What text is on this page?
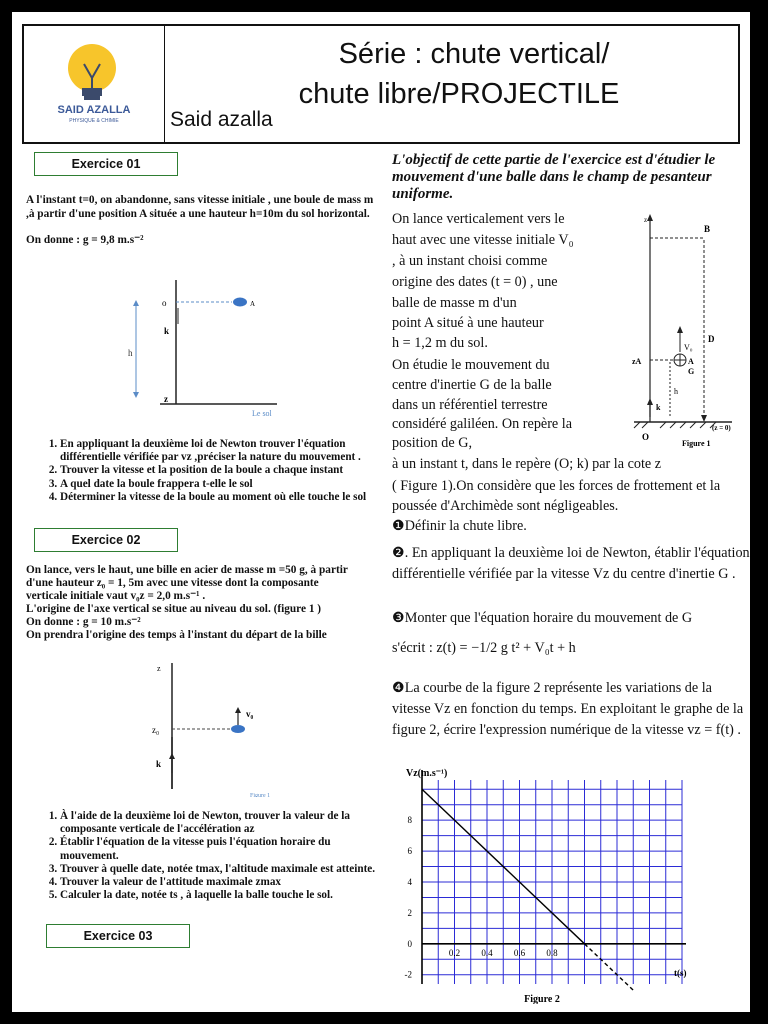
SAID AZALLA
PHYSIQUE & CHIMIE
Série : chute vertical/
chute libre/PROJECTILE
Said azalla
Exercice 01
A l'instant t=0, on abandonne, sans vitesse initiale , une boule de mass m ,à partir d'une position A située a une hauteur h=10m du sol horizontal.
On donne : g = 9,8 m.s⁻²
o
k
h
z
A
Le sol
1. En appliquant la deuxième loi de Newton trouver l'équation différentielle vérifiée par vz ,préciser la nature du mouvement .
2. Trouver la vitesse et la position de la boule a chaque instant
3. A quel date la boule frappera t-elle le sol
4. Déterminer la vitesse de la boule au moment où elle touche le sol
Exercice 02
On lance, vers le haut, une bille en acier de masse m =50 g, à partir
d'une hauteur z₀ = 1, 5m avec une vitesse dont la composante
verticale initiale vaut v₀z = 2,0 m.s⁻¹ .
L'origine de l'axe vertical se situe au niveau du sol. (figure 1 )
On donne : g = 10 m.s⁻²
On prendra l'origine des temps à l'instant du départ de la bille
z
z₀
v₀
k
Figure 1
1. À l'aide de la deuxième loi de Newton, trouver la valeur de la composante verticale de l'accélération az
2. Établir l'équation de la vitesse puis l'équation horaire du mouvement.
3. Trouver à quelle date, notée tmax, l'altitude maximale est atteinte.
4. Trouver la valeur de l'attitude maximale zmax
5. Calculer la date, notée ts , à laquelle la balle touche le sol.
Exercice 03
L'objectif de cette partie de l'exercice est d'étudier le mouvement d'une balle dans le champ de pesanteur uniforme.
On lance verticalement vers le
haut avec une vitesse initiale V₀
, à un instant choisi comme
origine des dates (t = 0) , une
balle de masse m d'un
point A situé à une hauteur
h = 1,2 m du sol.
On étudie le mouvement du
centre d'inertie G de la balle
dans un référentiel terrestre
considéré galiléen. On repère la
position de G,
z
B
V₀
D
zA	A
G
h
k
O
(z = 0)
Figure 1
à un instant t, dans le repère (O; k) par la cote z
( Figure 1).On considère que les forces de frottement et la poussée d'Archimède sont négligeables.
❶Définir la chute libre.
❷. En appliquant la deuxième loi de Newton, établir l'équation différentielle vérifiée par la vitesse Vz du centre d'inertie G .
❸Monter que l'équation horaire du mouvement de G
s'écrit : z(t) = −1/2 g t² + V₀t + h
❹La courbe de la figure 2 représente les variations de la vitesse Vz en fonction du temps. En exploitant le graphe de la figure 2, écrire l'expression numérique de la vitesse vz = f(t) .
Vz(m.s⁻¹)
t(s)
Figure 2
0.2 0.4 0.6 0.8
-2
0
2
4
6
8
